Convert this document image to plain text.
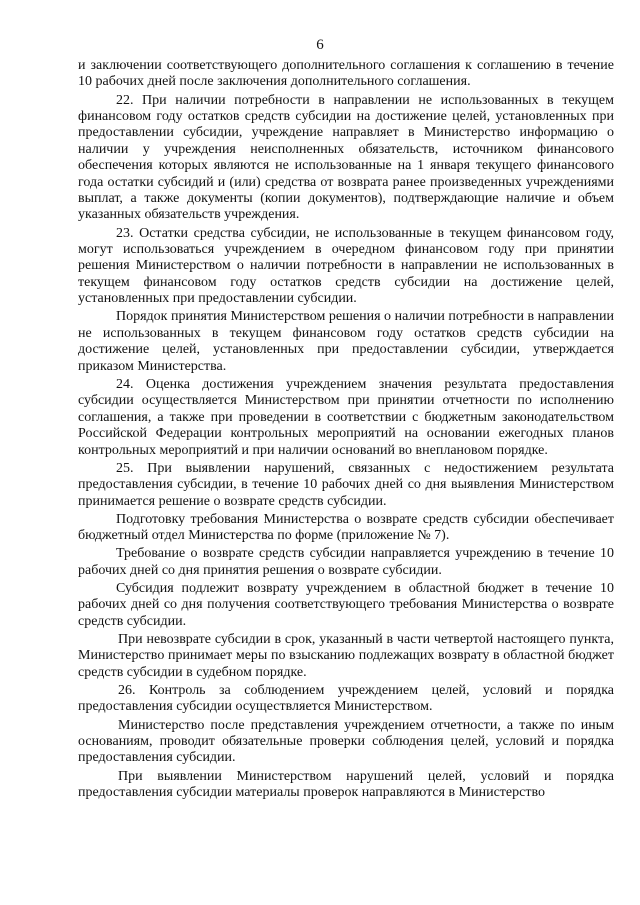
6

и заключении соответствующего дополнительного соглашения к соглашению в течение 10 рабочих дней после заключения дополнительного соглашения.

22. При наличии потребности в направлении не использованных в текущем финансовом году остатков средств субсидии на достижение целей, установленных при предоставлении субсидии, учреждение направляет в Министерство информацию о наличии у учреждения неисполненных обязательств, источником финансового обеспечения которых являются не использованные на 1 января текущего финансового года остатки субсидий и (или) средства от возврата ранее произведенных учреждениями выплат, а также документы (копии документов), подтверждающие наличие и объем указанных обязательств учреждения.

23. Остатки средства субсидии, не использованные в текущем финансовом году, могут использоваться учреждением в очередном финансовом году при принятии решения Министерством о наличии потребности в направлении не использованных в текущем финансовом году остатков средств субсидии на достижение целей, установленных при предоставлении субсидии.

Порядок принятия Министерством решения о наличии потребности в направлении не использованных в текущем финансовом году остатков средств субсидии на достижение целей, установленных при предоставлении субсидии, утверждается приказом Министерства.

24. Оценка достижения учреждением значения результата предоставления субсидии осуществляется Министерством при принятии отчетности по исполнению соглашения, а также при проведении в соответствии с бюджетным законодательством Российской Федерации контрольных мероприятий на основании ежегодных планов контрольных мероприятий и при наличии оснований во внеплановом порядке.

25. При выявлении нарушений, связанных с недостижением результата предоставления субсидии, в течение 10 рабочих дней со дня выявления Министерством принимается решение о возврате средств субсидии.

Подготовку требования Министерства о возврате средств субсидии обеспечивает бюджетный отдел Министерства по форме (приложение № 7).

Требование о возврате средств субсидии направляется учреждению в течение 10 рабочих дней со дня принятия решения о возврате субсидии.

Субсидия подлежит возврату учреждением в областной бюджет в течение 10 рабочих дней со дня получения соответствующего требования Министерства о возврате средств субсидии.

При невозврате субсидии в срок, указанный в части четвертой настоящего пункта, Министерство принимает меры по взысканию подлежащих возврату в областной бюджет средств субсидии в судебном порядке.

26. Контроль за соблюдением учреждением целей, условий и порядка предоставления субсидии осуществляется Министерством.

Министерство после представления учреждением отчетности, а также по иным основаниям, проводит обязательные проверки соблюдения целей, условий и порядка предоставления субсидии.

При выявлении Министерством нарушений целей, условий и порядка предоставления субсидии материалы проверок направляются в Министерство
